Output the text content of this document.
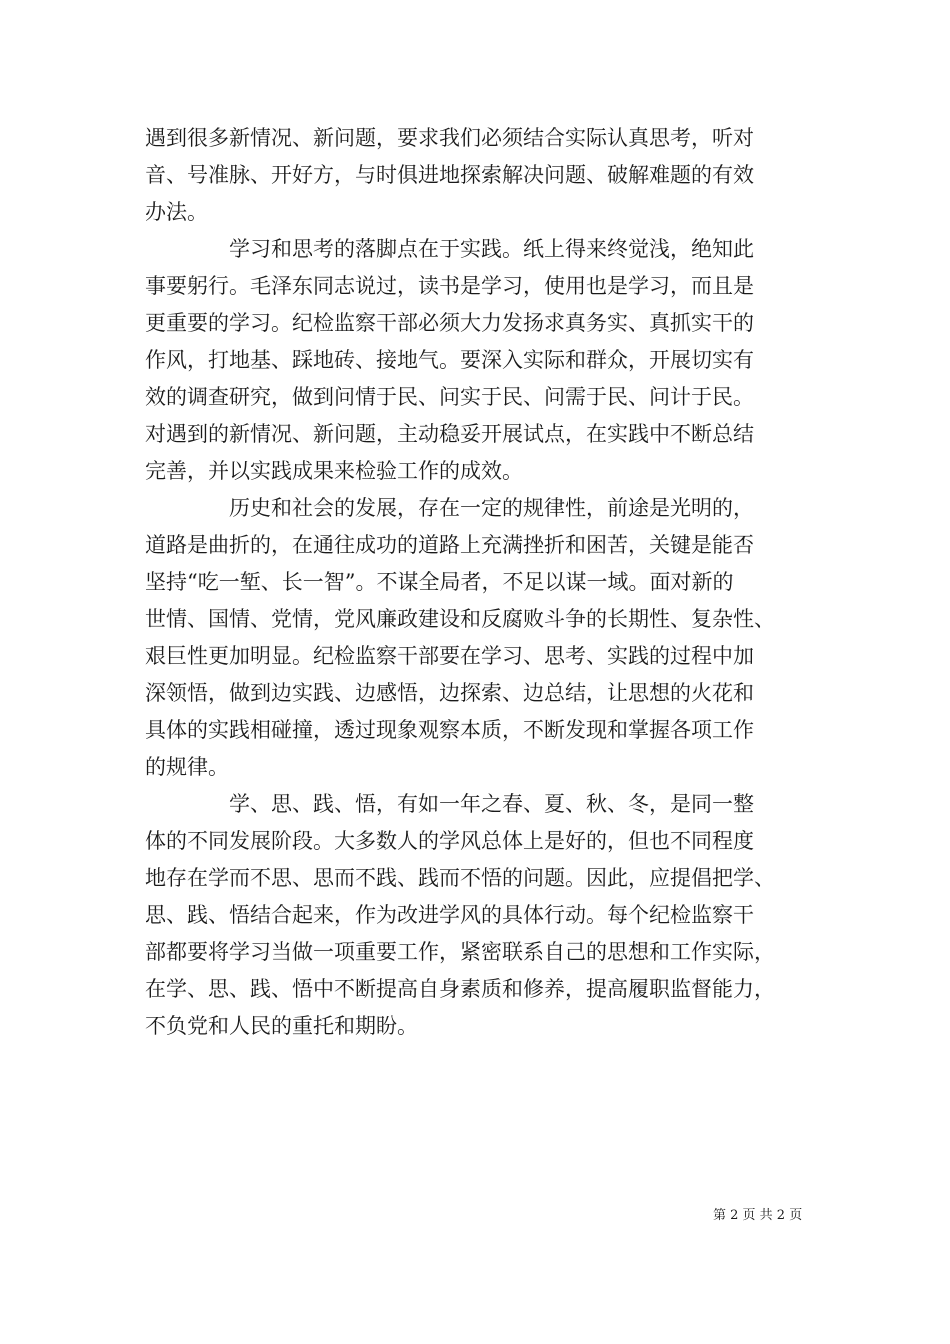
遇到很多新情况、新问题，要求我们必须结合实际认真思考，听对
音、号准脉、开好方，与时俱进地探索解决问题、破解难题的有效
办法。
　　　　学习和思考的落脚点在于实践。纸上得来终觉浅，绝知此
事要躬行。毛泽东同志说过，读书是学习，使用也是学习，而且是
更重要的学习。纪检监察干部必须大力发扬求真务实、真抓实干的
作风，打地基、踩地砖、接地气。要深入实际和群众，开展切实有
效的调查研究，做到问情于民、问实于民、问需于民、问计于民。
对遇到的新情况、新问题，主动稳妥开展试点，在实践中不断总结
完善，并以实践成果来检验工作的成效。
　　　　历史和社会的发展，存在一定的规律性，前途是光明的，
道路是曲折的，在通往成功的道路上充满挫折和困苦，关键是能否
坚持“吃一堑、长一智”。不谋全局者，不足以谋一域。面对新的
世情、国情、党情，党风廉政建设和反腐败斗争的长期性、复杂性、
艰巨性更加明显。纪检监察干部要在学习、思考、实践的过程中加
深领悟，做到边实践、边感悟，边探索、边总结，让思想的火花和
具体的实践相碰撞，透过现象观察本质，不断发现和掌握各项工作
的规律。
　　　　学、思、践、悟，有如一年之春、夏、秋、冬，是同一整
体的不同发展阶段。大多数人的学风总体上是好的，但也不同程度
地存在学而不思、思而不践、践而不悟的问题。因此，应提倡把学、
思、践、悟结合起来，作为改进学风的具体行动。每个纪检监察干
部都要将学习当做一项重要工作，紧密联系自己的思想和工作实际，
在学、思、践、悟中不断提高自身素质和修养，提高履职监督能力，
不负党和人民的重托和期盼。
第 2 页 共 2 页
